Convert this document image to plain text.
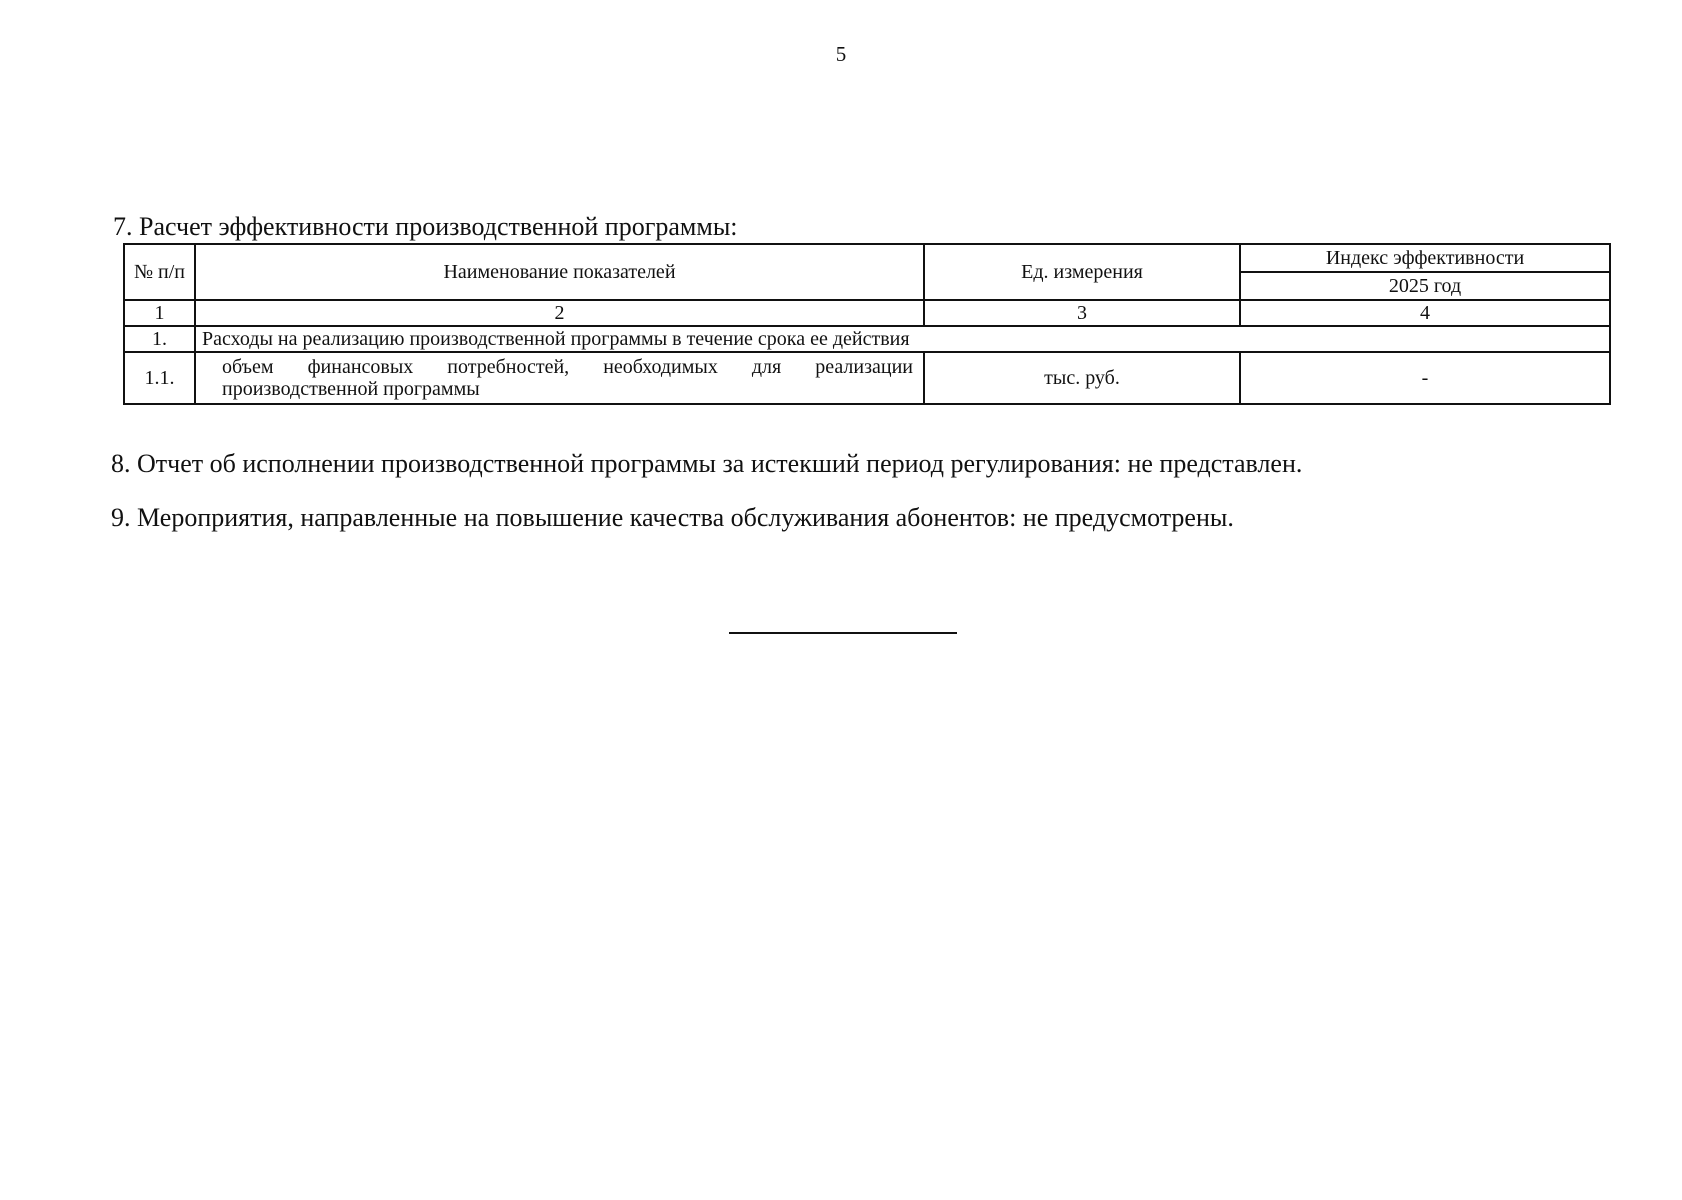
5
7. Расчет эффективности производственной программы:
№ п/п	Наименование показателей	Ед. измерения	Индекс эффективности
			2025 год
1	2	3	4
1.	Расходы на реализацию производственной программы в течение срока ее действия		
1.1.	объем финансовых потребностей, необходимых для реализации производственной программы	тыс. руб.	-
8. Отчет об исполнении производственной программы за истекший период регулирования: не представлен.
9. Мероприятия, направленные на повышение качества обслуживания абонентов: не предусмотрены.
